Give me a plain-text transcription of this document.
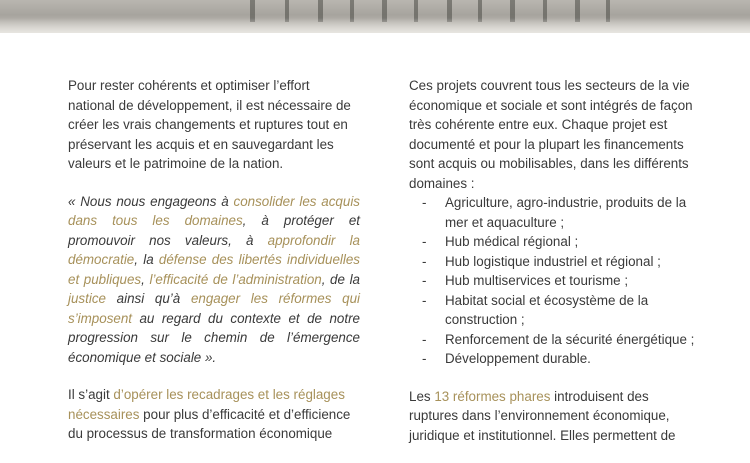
Pour rester cohérents et optimiser l’effort national de développement, il est nécessaire de créer les vrais changements et ruptures tout en préservant les acquis et en sauvegardant les valeurs et le patrimoine de la nation.

« Nous nous engageons à consolider les acquis dans tous les domaines, à protéger et promouvoir nos valeurs, à approfondir la démocratie, la défense des libertés individuelles et publiques, l’efficacité de l’administration, de la justice ainsi qu’à engager les réformes qui s’imposent au regard du contexte et de notre progression sur le chemin de l’émergence économique et sociale ».

Il s’agit d’opérer les recadrages et les réglages nécessaires pour plus d’efficacité et d’efficience du processus de transformation économique

Ces projets couvrent tous les secteurs de la vie économique et sociale et sont intégrés de façon très cohérente entre eux. Chaque projet est documenté et pour la plupart les financements sont acquis ou mobilisables, dans les différents domaines :

- Agriculture, agro-industrie, produits de la mer et aquaculture ;
- Hub médical régional ;
- Hub logistique industriel et régional ;
- Hub multiservices et tourisme ;
- Habitat social et écosystème de la construction ;
- Renforcement de la sécurité énergétique ;
- Développement durable.

Les 13 réformes phares introduisent des ruptures dans l’environnement économique, juridique et institutionnel. Elles permettent de
